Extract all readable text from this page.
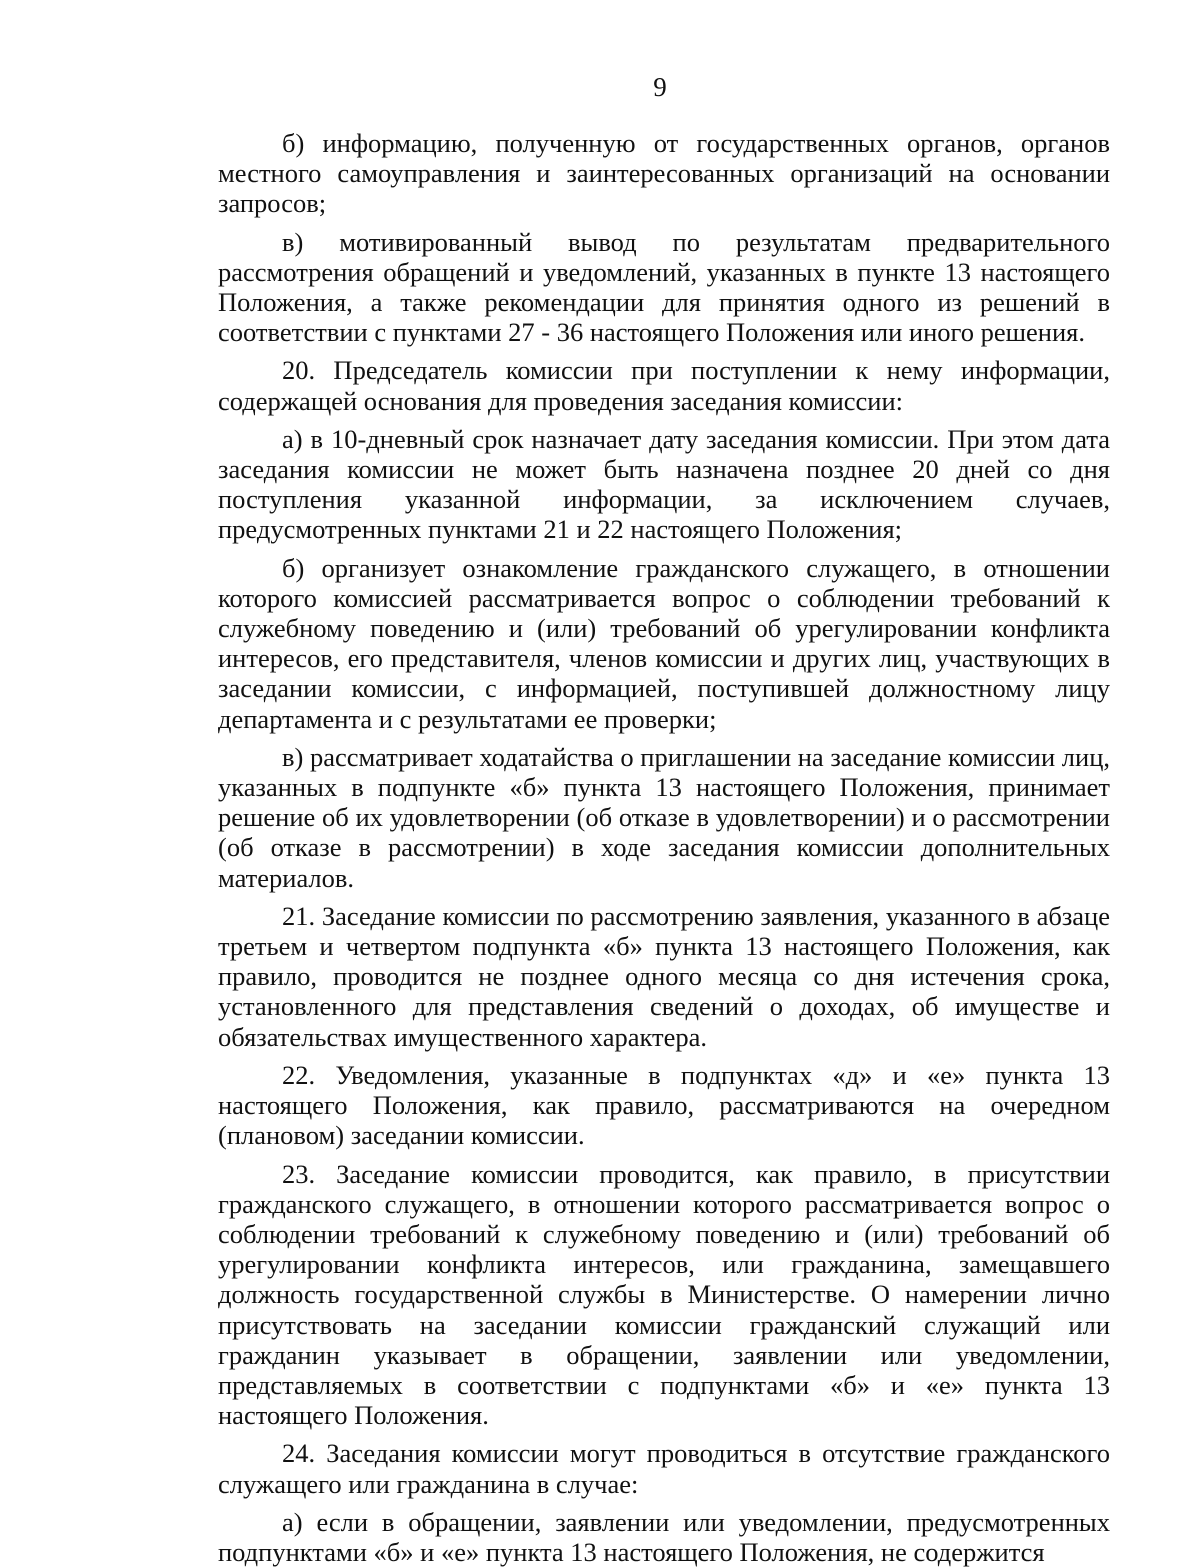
9

б) информацию, полученную от государственных органов, органов местного самоуправления и заинтересованных организаций на основании запросов;

в) мотивированный вывод по результатам предварительного рассмотрения обращений и уведомлений, указанных в пункте 13 настоящего Положения, а также рекомендации для принятия одного из решений в соответствии с пунктами 27 - 36 настоящего Положения или иного решения.

20. Председатель комиссии при поступлении к нему информации, содержащей основания для проведения заседания комиссии:

а) в 10-дневный срок назначает дату заседания комиссии. При этом дата заседания комиссии не может быть назначена позднее 20 дней со дня поступления указанной информации, за исключением случаев, предусмотренных пунктами 21 и 22 настоящего Положения;

б) организует ознакомление гражданского служащего, в отношении которого комиссией рассматривается вопрос о соблюдении требований к служебному поведению и (или) требований об урегулировании конфликта интересов, его представителя, членов комиссии и других лиц, участвующих в заседании комиссии, с информацией, поступившей должностному лицу департамента и с результатами ее проверки;

в) рассматривает ходатайства о приглашении на заседание комиссии лиц, указанных в подпункте «б» пункта 13 настоящего Положения, принимает решение об их удовлетворении (об отказе в удовлетворении) и о рассмотрении (об отказе в рассмотрении) в ходе заседания комиссии дополнительных материалов.

21. Заседание комиссии по рассмотрению заявления, указанного в абзаце третьем и четвертом подпункта «б» пункта 13 настоящего Положения, как правило, проводится не позднее одного месяца со дня истечения срока, установленного для представления сведений о доходах, об имуществе и обязательствах имущественного характера.

22. Уведомления, указанные в подпунктах «д» и «е» пункта 13 настоящего Положения, как правило, рассматриваются на очередном (плановом) заседании комиссии.

23. Заседание комиссии проводится, как правило, в присутствии гражданского служащего, в отношении которого рассматривается вопрос о соблюдении требований к служебному поведению и (или) требований об урегулировании конфликта интересов, или гражданина, замещавшего должность государственной службы в Министерстве. О намерении лично присутствовать на заседании комиссии гражданский служащий или гражданин указывает в обращении, заявлении или уведомлении, представляемых в соответствии с подпунктами «б» и «е» пункта 13 настоящего Положения.

24. Заседания комиссии могут проводиться в отсутствие гражданского служащего или гражданина в случае:

а) если в обращении, заявлении или уведомлении, предусмотренных подпунктами «б» и «е» пункта 13 настоящего Положения, не содержится
